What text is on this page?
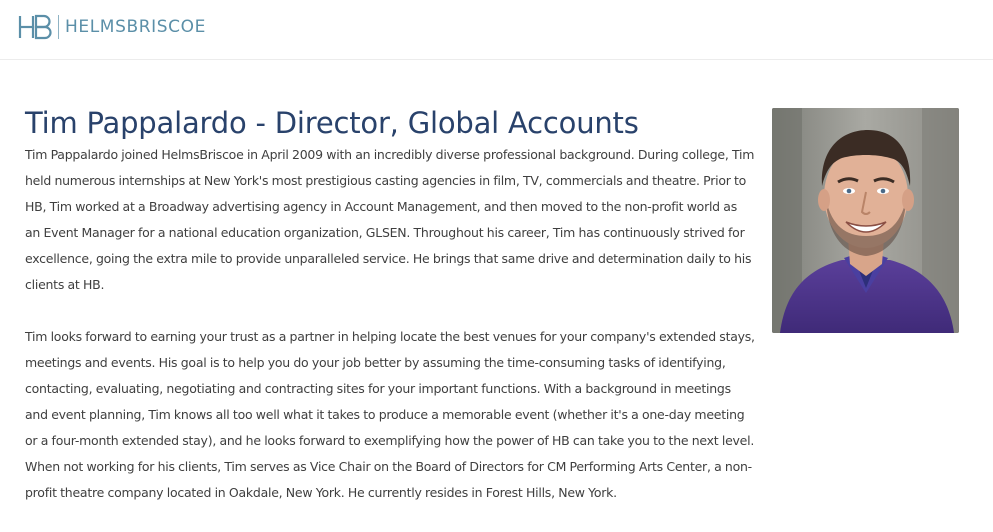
HELMSBRISCOE
Tim Pappalardo - Director, Global Accounts

Tim Pappalardo joined HelmsBriscoe in April 2009 with an incredibly diverse professional background. During college, Tim held numerous internships at New York's most prestigious casting agencies in film, TV, commercials and theatre. Prior to HB, Tim worked at a Broadway advertising agency in Account Management, and then moved to the non-profit world as an Event Manager for a national education organization, GLSEN. Throughout his career, Tim has continuously strived for excellence, going the extra mile to provide unparalleled service. He brings that same drive and determination daily to his clients at HB.

Tim looks forward to earning your trust as a partner in helping locate the best venues for your company's extended stays, meetings and events. His goal is to help you do your job better by assuming the time-consuming tasks of identifying, contacting, evaluating, negotiating and contracting sites for your important functions. With a background in meetings and event planning, Tim knows all too well what it takes to produce a memorable event (whether it's a one-day meeting or a four-month extended stay), and he looks forward to exemplifying how the power of HB can take you to the next level. When not working for his clients, Tim serves as Vice Chair on the Board of Directors for CM Performing Arts Center, a non-profit theatre company located in Oakdale, New York. He currently resides in Forest Hills, New York.
